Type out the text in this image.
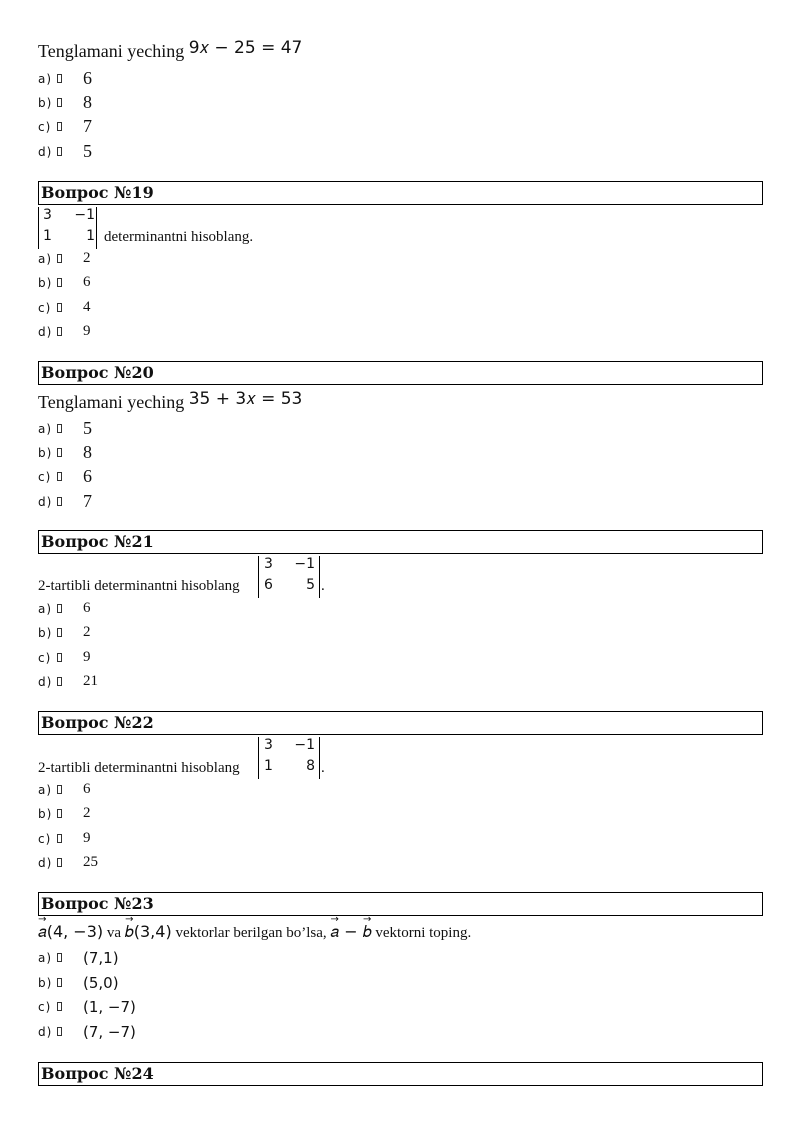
Tenglamani yeching 9𝑥 − 25 = 47
a) 6
b) 8
c) 7
d) 5
Вопрос №19
3	−1
1	1 determinantni hisoblang.
a) 2
b) 6
c) 4
d) 9
Вопрос №20
Tenglamani yeching 35 + 3𝑥 = 53
a) 5
b) 8
c) 6
d) 7
Вопрос №21
2-tartibli determinantni hisoblang
3	−1
6	5 .
a) 6
b) 2
c) 9
d) 21
Вопрос №22
2-tartibli determinantni hisoblang
3	−1
1	8 .
a) 6
b) 2
c) 9
d) 25
Вопрос №23
→
𝑎(4, −3) va
→
𝑏(3,4) vektorlar berilgan bo’lsa,
→
𝑎 −
→
𝑏 vektorni toping.
a) (7,1)
b) (5,0)
c) (1, −7)
d) (7, −7)
Вопрос №24
